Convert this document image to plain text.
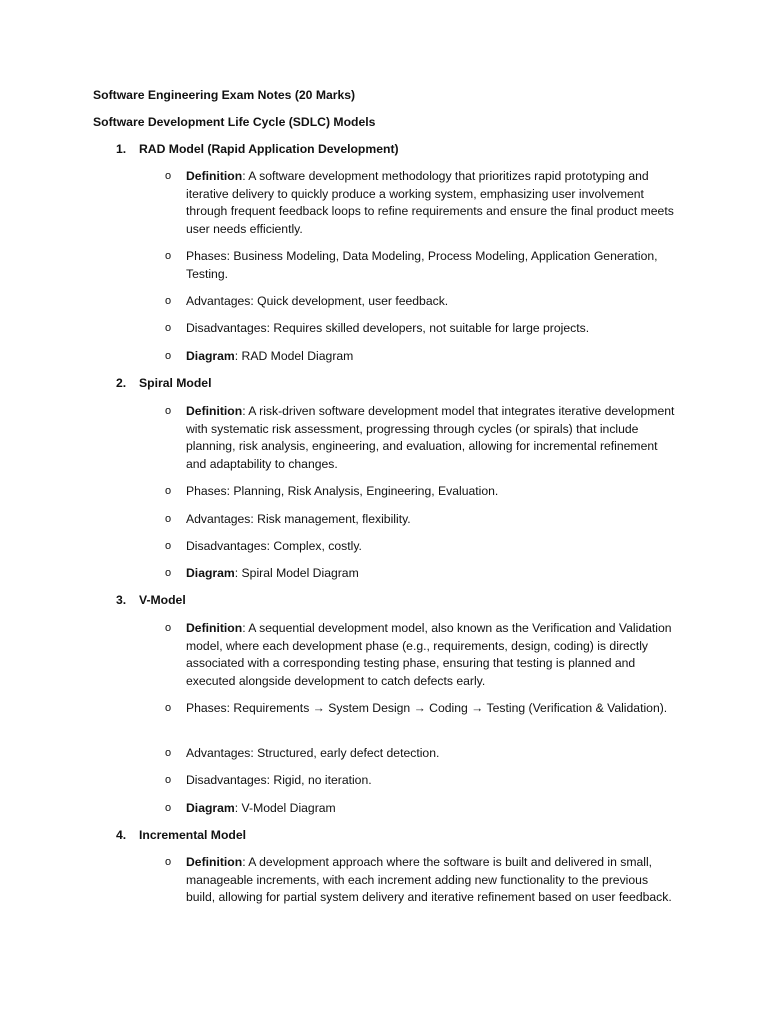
Software Engineering Exam Notes (20 Marks)
Software Development Life Cycle (SDLC) Models
1. RAD Model (Rapid Application Development)
o Definition: A software development methodology that prioritizes rapid prototyping and iterative delivery to quickly produce a working system, emphasizing user involvement through frequent feedback loops to refine requirements and ensure the final product meets user needs efficiently.
o Phases: Business Modeling, Data Modeling, Process Modeling, Application Generation, Testing.
o Advantages: Quick development, user feedback.
o Disadvantages: Requires skilled developers, not suitable for large projects.
o Diagram: RAD Model Diagram
2. Spiral Model
o Definition: A risk-driven software development model that integrates iterative development with systematic risk assessment, progressing through cycles (or spirals) that include planning, risk analysis, engineering, and evaluation, allowing for incremental refinement and adaptability to changes.
o Phases: Planning, Risk Analysis, Engineering, Evaluation.
o Advantages: Risk management, flexibility.
o Disadvantages: Complex, costly.
o Diagram: Spiral Model Diagram
3. V-Model
o Definition: A sequential development model, also known as the Verification and Validation model, where each development phase (e.g., requirements, design, coding) is directly associated with a corresponding testing phase, ensuring that testing is planned and executed alongside development to catch defects early.
o Phases: Requirements → System Design → Coding → Testing (Verification & Validation).
o Advantages: Structured, early defect detection.
o Disadvantages: Rigid, no iteration.
o Diagram: V-Model Diagram
4. Incremental Model
o Definition: A development approach where the software is built and delivered in small, manageable increments, with each increment adding new functionality to the previous build, allowing for partial system delivery and iterative refinement based on user feedback.
